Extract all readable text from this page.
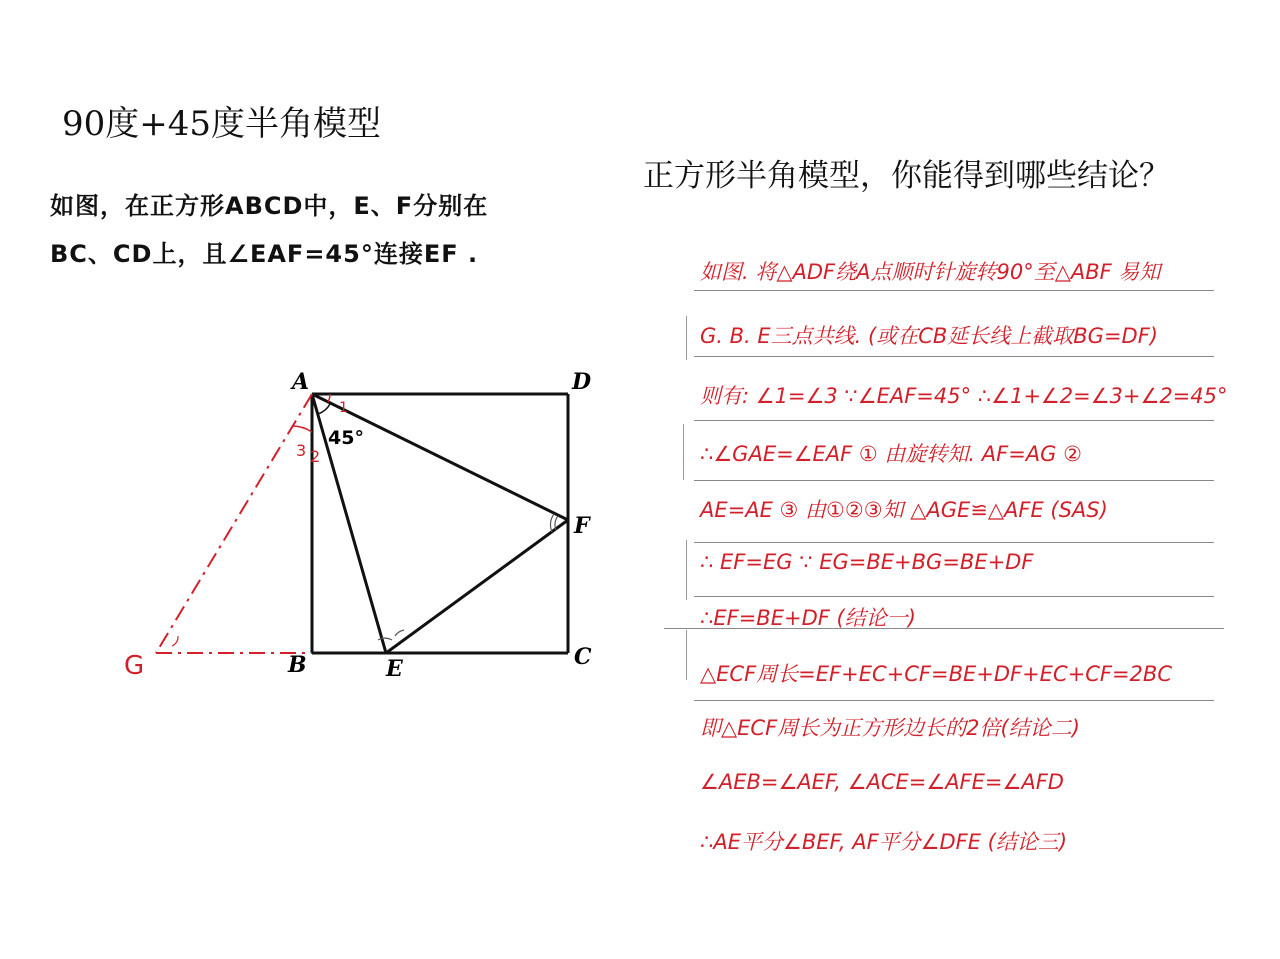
90度+45度半角模型
正方形半角模型，你能得到哪些结论？
如图，在正方形ABCD中，E、F分别在
BC、CD上，且∠EAF=45°连接EF .
A	D
F
C
B	E
G
45°
1
3 2
如图. 将△ADF绕A点顺时针旋转90°至△ABF 易知
G. B. E三点共线. (或在CB延长线上截取BG=DF)
则有: ∠1=∠3 ∵∠EAF=45° ∴∠1+∠2=∠3+∠2=45°
∴∠GAE=∠EAF ① 由旋转知. AF=AG ②
AE=AE ③ 由①②③知 △AGE≌△AFE (SAS)
∴ EF=EG ∵ EG=BE+BG=BE+DF
∴EF=BE+DF (结论一)
△ECF周长=EF+EC+CF=BE+DF+EC+CF=2BC
即△ECF周长为正方形边长的2倍(结论二)
∠AEB=∠AEF, ∠ACE=∠AFE=∠AFD
∴AE平分∠BEF, AF平分∠DFE (结论三)
